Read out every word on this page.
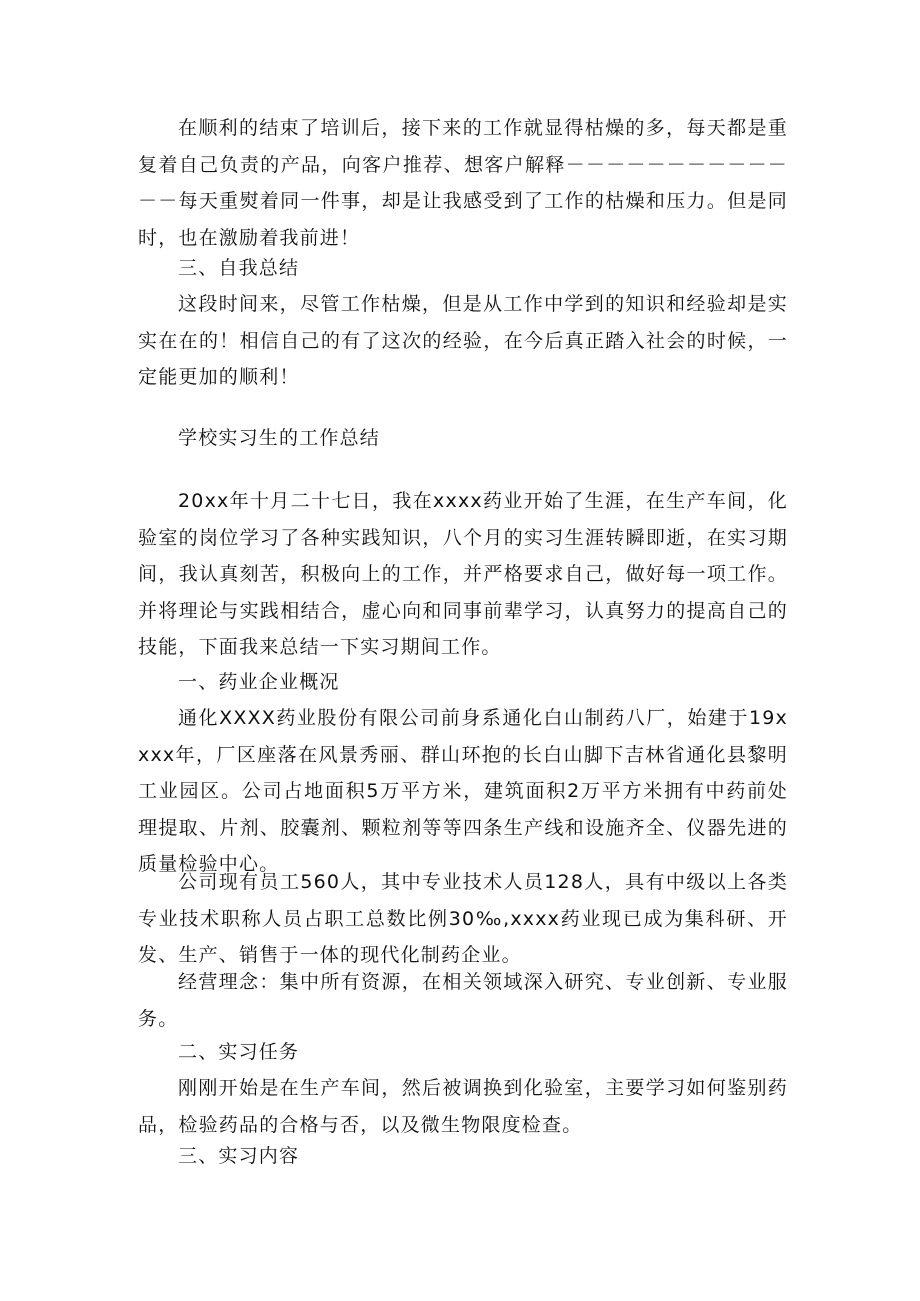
在顺利的结束了培训后，接下来的工作就显得枯燥的多，每天都是重复着自己负责的产品，向客户推荐、想客户解释－－－－－－－－－－－－－每天重熨着同一件事，却是让我感受到了工作的枯燥和压力。但是同时，也在激励着我前进！

三、自我总结

这段时间来，尽管工作枯燥，但是从工作中学到的知识和经验却是实实在在的！相信自己的有了这次的经验，在今后真正踏入社会的时候，一定能更加的顺利！

学校实习生的工作总结

20xx年十月二十七日，我在xxxx药业开始了生涯，在生产车间，化验室的岗位学习了各种实践知识，八个月的实习生涯转瞬即逝，在实习期间，我认真刻苦，积极向上的工作，并严格要求自己，做好每一项工作。并将理论与实践相结合，虚心向和同事前辈学习，认真努力的提高自己的技能，下面我来总结一下实习期间工作。

一、药业企业概况

通化XXXX药业股份有限公司前身系通化白山制药八厂，始建于19xxxx年，厂区座落在风景秀丽、群山环抱的长白山脚下吉林省通化县黎明工业园区。公司占地面积5万平方米，建筑面积2万平方米拥有中药前处理提取、片剂、胶囊剂、颗粒剂等等四条生产线和设施齐全、仪器先进的质量检验中心。

公司现有员工560人，其中专业技术人员128人，具有中级以上各类专业技术职称人员占职工总数比例30‰,xxxx药业现已成为集科研、开发、生产、销售于一体的现代化制药企业。

经营理念：集中所有资源，在相关领域深入研究、专业创新、专业服务。

二、实习任务

刚刚开始是在生产车间，然后被调换到化验室，主要学习如何鉴别药品，检验药品的合格与否，以及微生物限度检查。

三、实习内容
